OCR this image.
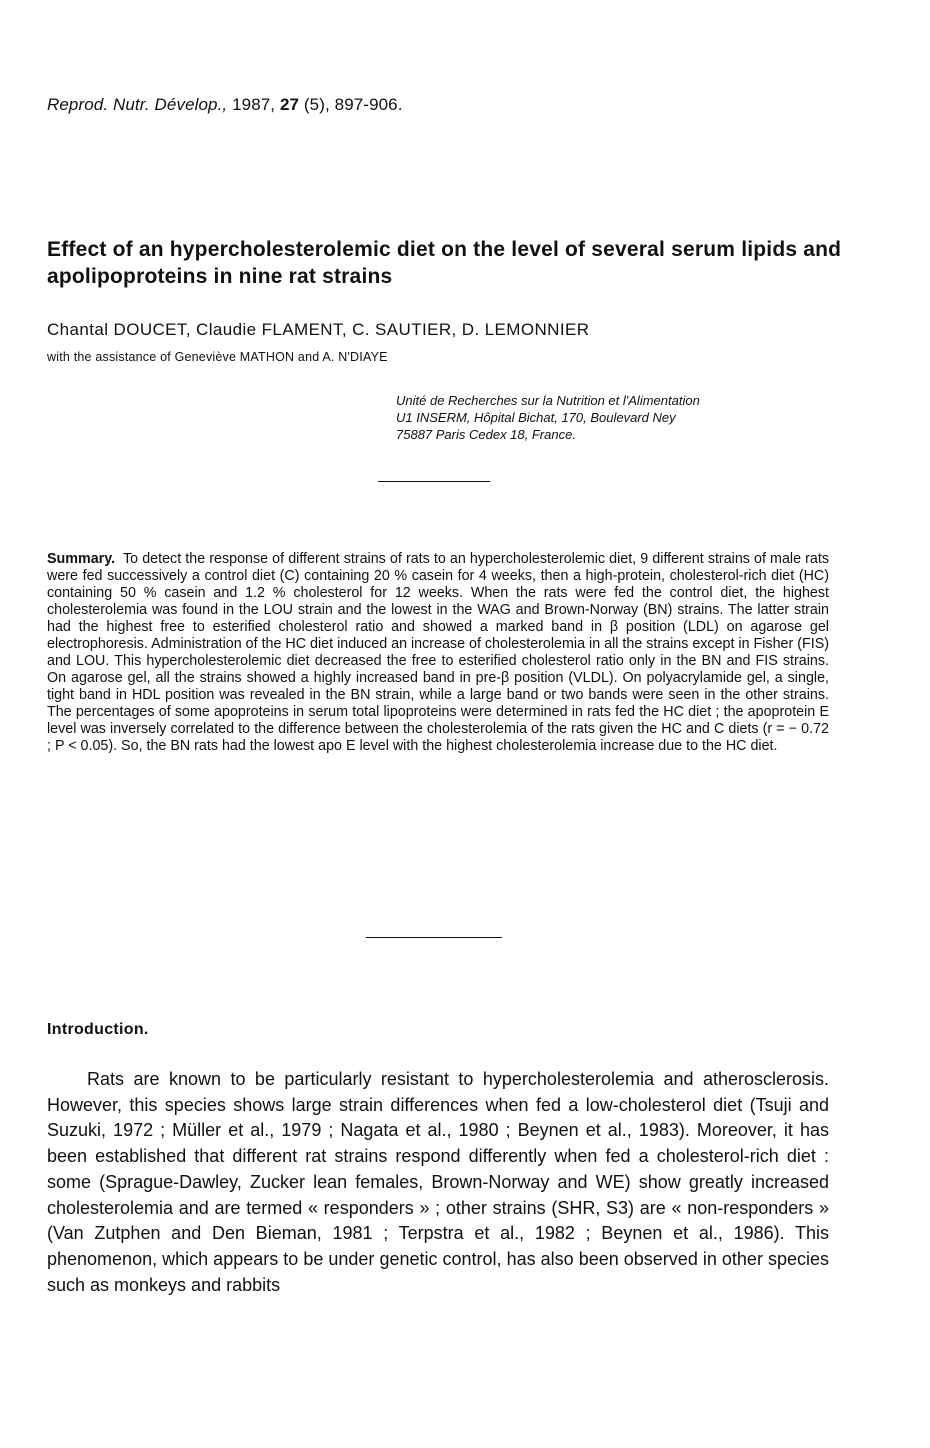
Reprod. Nutr. Dévelop., 1987, 27 (5), 897-906.
Effect of an hypercholesterolemic diet on the level of several serum lipids and apolipoproteins in nine rat strains
Chantal DOUCET, Claudie FLAMENT, C. SAUTIER, D. LEMONNIER
with the assistance of Geneviève MATHON and A. N'DIAYE
Unité de Recherches sur la Nutrition et l'Alimentation
U1 INSERM, Hôpital Bichat, 170, Boulevard Ney
75887 Paris Cedex 18, France.
Summary. To detect the response of different strains of rats to an hypercholesterolemic diet, 9 different strains of male rats were fed successively a control diet (C) containing 20 % casein for 4 weeks, then a high-protein, cholesterol-rich diet (HC) containing 50 % casein and 1.2 % cholesterol for 12 weeks. When the rats were fed the control diet, the highest cholesterolemia was found in the LOU strain and the lowest in the WAG and Brown-Norway (BN) strains. The latter strain had the highest free to esterified cholesterol ratio and showed a marked band in β position (LDL) on agarose gel electrophoresis. Administration of the HC diet induced an increase of cholesterolemia in all the strains except in Fisher (FIS) and LOU. This hypercholesterolemic diet decreased the free to esterified cholesterol ratio only in the BN and FIS strains. On agarose gel, all the strains showed a highly increased band in pre-β position (VLDL). On polyacrylamide gel, a single, tight band in HDL position was revealed in the BN strain, while a large band or two bands were seen in the other strains. The percentages of some apoproteins in serum total lipoproteins were determined in rats fed the HC diet ; the apoprotein E level was inversely correlated to the difference between the cholesterolemia of the rats given the HC and C diets (r = − 0.72 ; P < 0.05). So, the BN rats had the lowest apo E level with the highest cholesterolemia increase due to the HC diet.
Introduction.
Rats are known to be particularly resistant to hypercholesterolemia and atherosclerosis. However, this species shows large strain differences when fed a low-cholesterol diet (Tsuji and Suzuki, 1972 ; Müller et al., 1979 ; Nagata et al., 1980 ; Beynen et al., 1983). Moreover, it has been established that different rat strains respond differently when fed a cholesterol-rich diet : some (Sprague-Dawley, Zucker lean females, Brown-Norway and WE) show greatly increased cholesterolemia and are termed « responders » ; other strains (SHR, S3) are « non-responders » (Van Zutphen and Den Bieman, 1981 ; Terpstra et al., 1982 ; Beynen et al., 1986). This phenomenon, which appears to be under genetic control, has also been observed in other species such as monkeys and rabbits
